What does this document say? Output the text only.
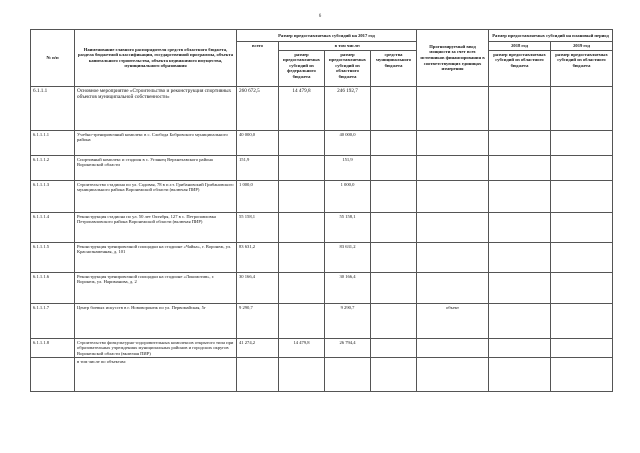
6
№ п/п	Наименование главного распорядителя средств областного бюджета, раздела бюджетной классификации, государственной программы, объекта капитального строительства, объекта недвижимого имущества, муниципального образования	Размер предоставляемых субсидий на 2017 год				Прогнозируемый ввод мощности за счет всех источников финансирования в соответствующих единицах измерения	Размер предоставляемых субсидий на плановый период	
		всего	в том числе:				2018 год	2019 год
			размер предоставляемых субсидий из федерального бюджета	размер предоставляемых субсидий из областного бюджета	средства муниципального бюджета		размер предоставляемых субсидий из областного бюджета	размер предоставляемых субсидий из областного бюджета
6.1.1.1	Основное мероприятие «Строительство и реконструкция спортивных объектов муниципальной собственности»	260 672,5	14 479,8	246 192,7				
6.1.1.1.1	Учебно-тренировочный комплекс в с. Слобода Бобровского муниципального района	40 000,0		40 000,0				
6.1.1.1.2	Спортивный комплекс и стадион в с. Углянец Верхнехавского района Воронежской области	151,9		151,9				
6.1.1.1.3	Строительство стадиона по ул. Садовая, 78 в п.г.т. Грибановский Грибановского муниципального района Воронежской области (включая ПИР)	1 000,0		1 000,0				
6.1.1.1.4	Реконструкция стадиона по ул. 50 лет Октября, 127 в с. Петропавловка Петропавловского района Воронежской области (включая ПИР)	55 158,1		55 158,1				
6.1.1.1.5	Реконструкция тренировочной площадки на стадионе «Чайка», г. Воронеж, ул. Краснознаменная, д. 101	83 631,2		83 631,2				
6.1.1.1.6	Реконструкция тренировочной площадки на стадионе «Локомотив», г. Воронеж, ул. Нариманова, д. 2	30 166,4		30 166,4				
6.1.1.1.7	Центр боевых искусств в г. Нововоронеж по ул. Первомайская, 5г	9 290,7		9 290,7		объект		
6.1.1.1.8	Строительство физкультурно-оздоровительных комплексов открытого типа при образовательных учреждениях муниципальных районов и городских округов Воронежской области (включая ПИР)	41 274,2	14 479,8	26 794,4				
	в том числе по объектам:							
